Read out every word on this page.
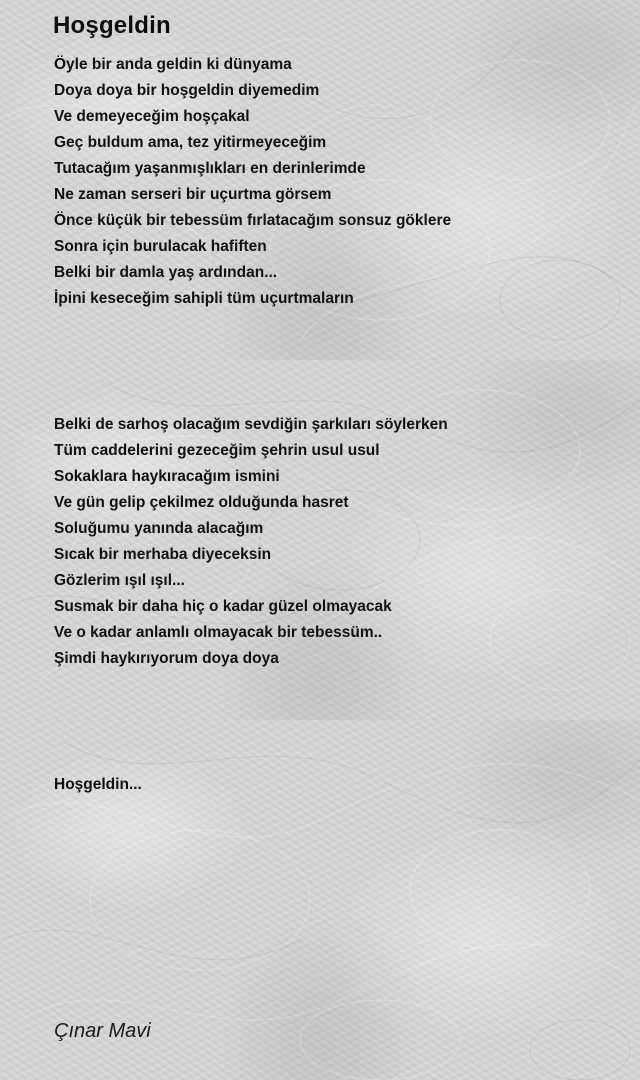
Hoşgeldin
Öyle bir anda geldin ki dünyama
Doya doya bir hoşgeldin diyemedim
Ve demeyeceğim hoşçakal
Geç buldum ama, tez yitirmeyeceğim
Tutacağım yaşanmışlıkları en derinlerimde
Ne zaman serseri bir uçurtma görsem
Önce küçük bir tebessüm fırlatacağım sonsuz göklere
Sonra için burulacak hafiften
Belki bir damla yaş ardından...
İpini keseceğim sahipli tüm uçurtmaların
Belki de sarhoş olacağım sevdiğin şarkıları söylerken
Tüm caddelerini gezeceğim şehrin usul usul
Sokaklara haykıracağım ismini
Ve gün gelip çekilmez olduğunda hasret
Soluğumu yanında alacağım
Sıcak bir merhaba diyeceksin
Gözlerim ışıl ışıl...
Susmak bir daha hiç o kadar güzel olmayacak
Ve o kadar anlamlı olmayacak bir tebessüm..
Şimdi haykırıyorum doya doya
Hoşgeldin...
Çınar Mavi
